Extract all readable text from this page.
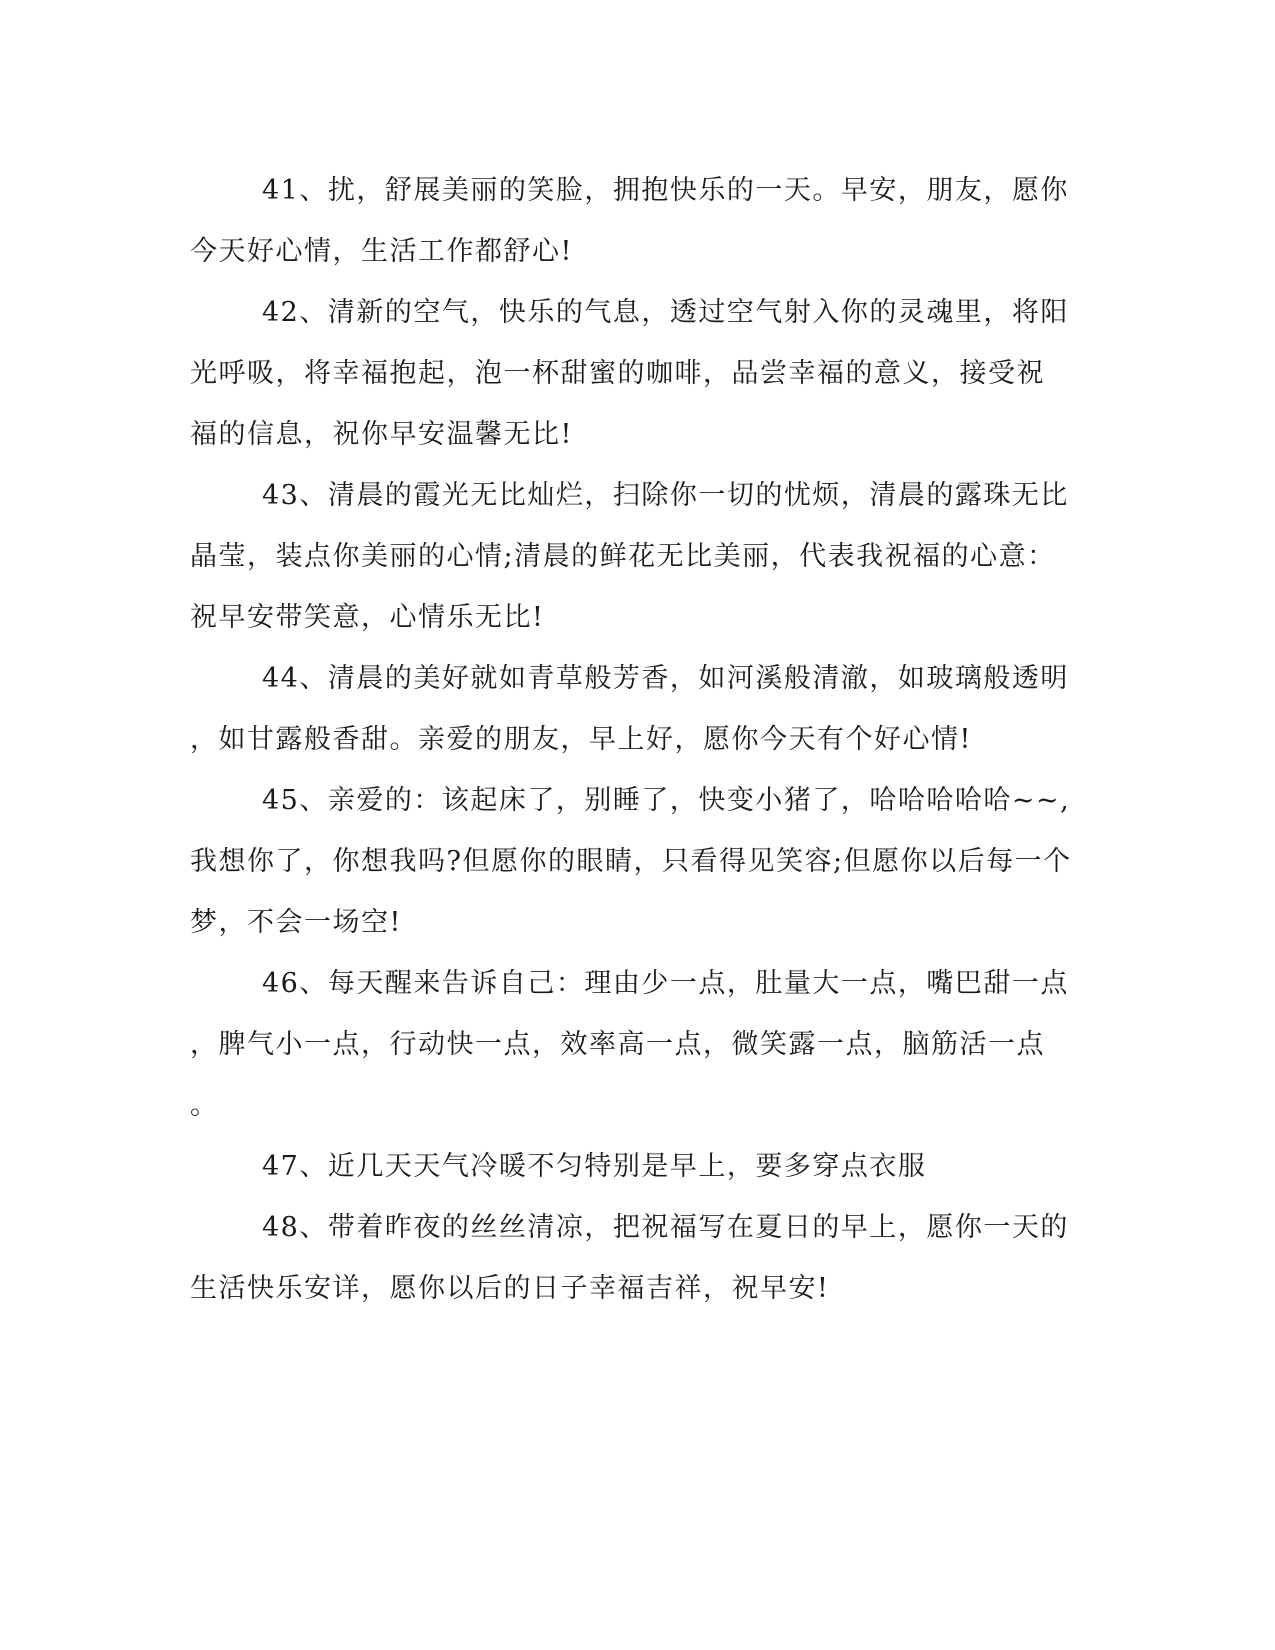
41、扰，舒展美丽的笑脸，拥抱快乐的一天。早安，朋友，愿你
今天好心情，生活工作都舒心!
42、清新的空气，快乐的气息，透过空气射入你的灵魂里，将阳
光呼吸，将幸福抱起，泡一杯甜蜜的咖啡，品尝幸福的意义，接受祝
福的信息，祝你早安温馨无比!
43、清晨的霞光无比灿烂，扫除你一切的忧烦，清晨的露珠无比
晶莹，装点你美丽的心情;清晨的鲜花无比美丽，代表我祝福的心意：
祝早安带笑意，心情乐无比!
44、清晨的美好就如青草般芳香，如河溪般清澈，如玻璃般透明
，如甘露般香甜。亲爱的朋友，早上好，愿你今天有个好心情!
45、亲爱的：该起床了，别睡了，快变小猪了，哈哈哈哈哈~~,
我想你了，你想我吗?但愿你的眼睛，只看得见笑容;但愿你以后每一个
梦，不会一场空!
46、每天醒来告诉自己：理由少一点，肚量大一点，嘴巴甜一点
，脾气小一点，行动快一点，效率高一点，微笑露一点，脑筋活一点
。
47、近几天天气冷暖不匀特别是早上，要多穿点衣服
48、带着昨夜的丝丝清凉，把祝福写在夏日的早上，愿你一天的
生活快乐安详，愿你以后的日子幸福吉祥，祝早安!
